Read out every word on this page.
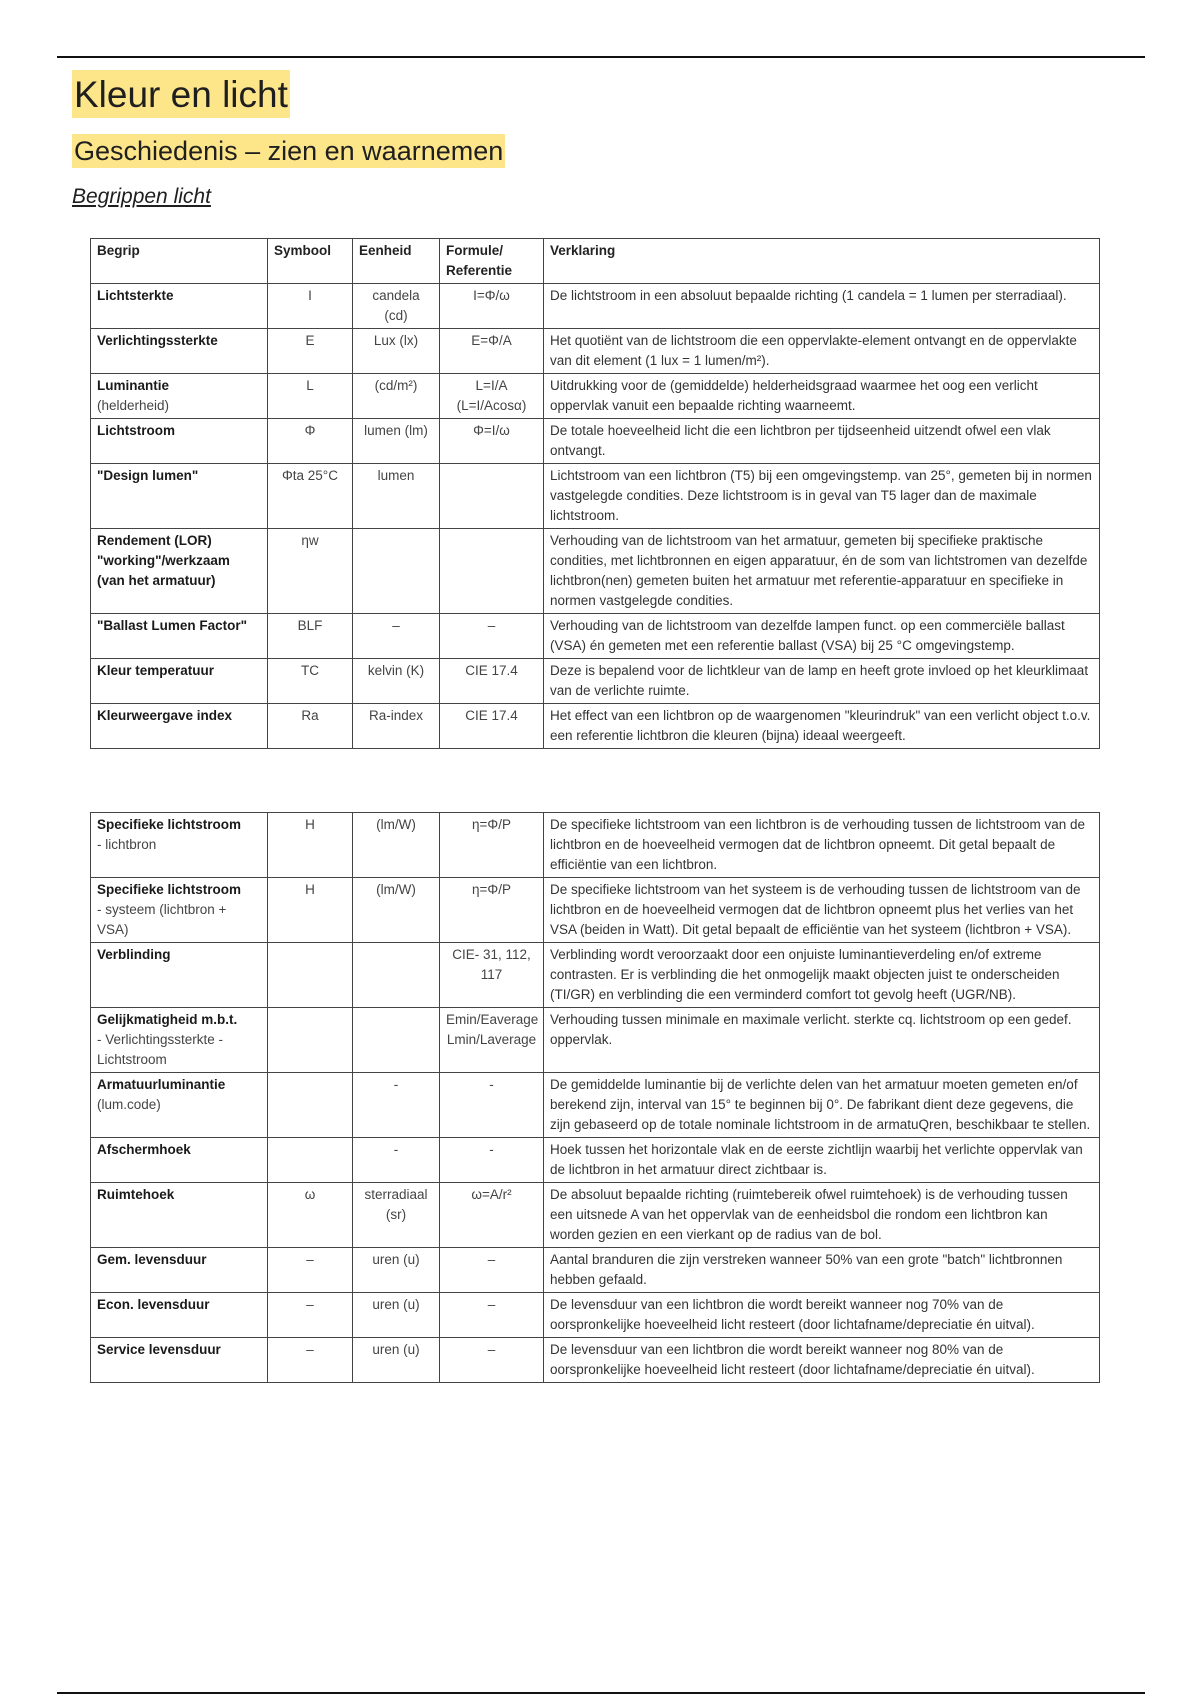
Kleur en licht
Geschiedenis – zien en waarnemen
Begrippen licht
Begrip	Symbool	Eenheid	Formule/ Referentie	Verklaring

Lichtsterkte	I	candela (cd)	I=Φ/ω	De lichtstroom in een absoluut bepaalde richting (1 candela = 1 lumen per sterradiaal).

Verlichtingssterkte	E	Lux (lx)	E=Φ/A	Het quotiënt van de lichtstroom die een oppervlakte-element ontvangt en de oppervlakte van dit element (1 lux = 1 lumen/m²).

Luminantie
(helderheid)	L	(cd/m²)	L=I/A (L=I/Acosα)	Uitdrukking voor de (gemiddelde) helderheidsgraad waarmee het oog een verlicht oppervlak vanuit een bepaalde richting waarneemt.

Lichtstroom	Φ	lumen (lm)	Φ=I/ω	De totale hoeveelheid licht die een lichtbron per tijdseenheid uitzendt ofwel een vlak ontvangt.

"Design lumen"	Φta 25°C	lumen		Lichtstroom van een lichtbron (T5) bij een omgevingstemp. van 25°, gemeten bij in normen vastgelegde condities. Deze lichtstroom is in geval van T5 lager dan de maximale lichtstroom.

Rendement (LOR) "working"/werkzaam (van het armatuur)	ηw			Verhouding van de lichtstroom van het armatuur, gemeten bij specifieke praktische condities, met lichtbronnen en eigen apparatuur, én de som van lichtstromen van dezelfde lichtbron(nen) gemeten buiten het armatuur met referentie-apparatuur en specifieke in normen vastgelegde condities.

"Ballast Lumen Factor"	BLF	–	–	Verhouding van de lichtstroom van dezelfde lampen funct. op een commerciële ballast (VSA) én gemeten met een referentie ballast (VSA) bij 25 °C omgevingstemp.

Kleur temperatuur	TC	kelvin (K)	CIE 17.4	Deze is bepalend voor de lichtkleur van de lamp en heeft grote invloed op het kleurklimaat van de verlichte ruimte.

Kleurweergave index	Ra	Ra-index	CIE 17.4	Het effect van een lichtbron op de waargenomen "kleurindruk" van een verlicht object t.o.v. een referentie lichtbron die kleuren (bijna) ideaal weergeeft.
Specifieke lichtstroom
- lichtbron	H	(lm/W)	η=Φ/P	De specifieke lichtstroom van een lichtbron is de verhouding tussen de lichtstroom van de lichtbron en de hoeveelheid vermogen dat de lichtbron opneemt. Dit getal bepaalt de efficiëntie van een lichtbron.

Specifieke lichtstroom
- systeem (lichtbron + VSA)	H	(lm/W)	η=Φ/P	De specifieke lichtstroom van het systeem is de verhouding tussen de lichtstroom van de lichtbron en de hoeveelheid vermogen dat de lichtbron opneemt plus het verlies van het VSA (beiden in Watt). Dit getal bepaalt de efficiëntie van het systeem (lichtbron + VSA).

Verblinding			CIE- 31, 112, 117	Verblinding wordt veroorzaakt door een onjuiste luminantieverdeling en/of extreme contrasten. Er is verblinding die het onmogelijk maakt objecten juist te onderscheiden (TI/GR) en verblinding die een verminderd comfort tot gevolg heeft (UGR/NB).

Gelijkmatigheid m.b.t.
- Verlichtingssterkte - Lichtstroom			Emin/Eaverage Lmin/Laverage	Verhouding tussen minimale en maximale verlicht. sterkte cq. lichtstroom op een gedef. oppervlak.

Armatuurluminantie
(lum.code)		-	-	De gemiddelde luminantie bij de verlichte delen van het armatuur moeten gemeten en/of berekend zijn, interval van 15° te beginnen bij 0°. De fabrikant dient deze gegevens, die zijn gebaseerd op de totale nominale lichtstroom in de armatuQren, beschikbaar te stellen.

Afschermhoek		-	-	Hoek tussen het horizontale vlak en de eerste zichtlijn waarbij het verlichte oppervlak van de lichtbron in het armatuur direct zichtbaar is.

Ruimtehoek	ω	sterradiaal (sr)	ω=A/r²	De absoluut bepaalde richting (ruimtebereik ofwel ruimtehoek) is de verhouding tussen een uitsnede A van het oppervlak van de eenheidsbol die rondom een lichtbron kan worden gezien en een vierkant op de radius van de bol.

Gem. levensduur	–	uren (u)	–	Aantal branduren die zijn verstreken wanneer 50% van een grote "batch" lichtbronnen hebben gefaald.

Econ. levensduur	–	uren (u)	–	De levensduur van een lichtbron die wordt bereikt wanneer nog 70% van de oorspronkelijke hoeveelheid licht resteert (door lichtafname/depreciatie én uitval).

Service levensduur	–	uren (u)	–	De levensduur van een lichtbron die wordt bereikt wanneer nog 80% van de oorspronkelijke hoeveelheid licht resteert (door lichtafname/depreciatie én uitval).
